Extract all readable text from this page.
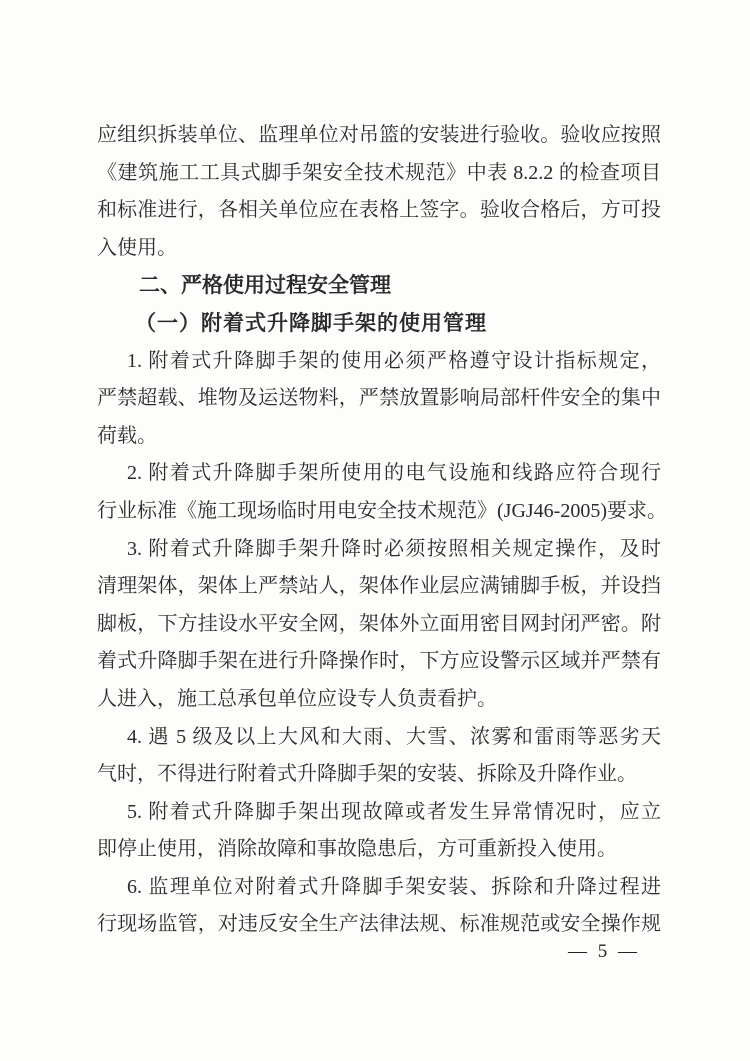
应组织拆装单位、监理单位对吊篮的安装进行验收。验收应按照
《建筑施工工具式脚手架安全技术规范》中表 8.2.2 的检查项目
和标准进行，各相关单位应在表格上签字。验收合格后，方可投
入使用。
二、严格使用过程安全管理
（一）附着式升降脚手架的使用管理
1. 附着式升降脚手架的使用必须严格遵守设计指标规定，
严禁超载、堆物及运送物料，严禁放置影响局部杆件安全的集中
荷载。
2. 附着式升降脚手架所使用的电气设施和线路应符合现行
行业标准《施工现场临时用电安全技术规范》(JGJ46-2005)要求。
3. 附着式升降脚手架升降时必须按照相关规定操作，及时
清理架体，架体上严禁站人，架体作业层应满铺脚手板，并设挡
脚板，下方挂设水平安全网，架体外立面用密目网封闭严密。附
着式升降脚手架在进行升降操作时，下方应设警示区域并严禁有
人进入，施工总承包单位应设专人负责看护。
4. 遇 5 级及以上大风和大雨、大雪、浓雾和雷雨等恶劣天
气时，不得进行附着式升降脚手架的安装、拆除及升降作业。
5. 附着式升降脚手架出现故障或者发生异常情况时，应立
即停止使用，消除故障和事故隐患后，方可重新投入使用。
6. 监理单位对附着式升降脚手架安装、拆除和升降过程进
行现场监管，对违反安全生产法律法规、标准规范或安全操作规
— 5 —
